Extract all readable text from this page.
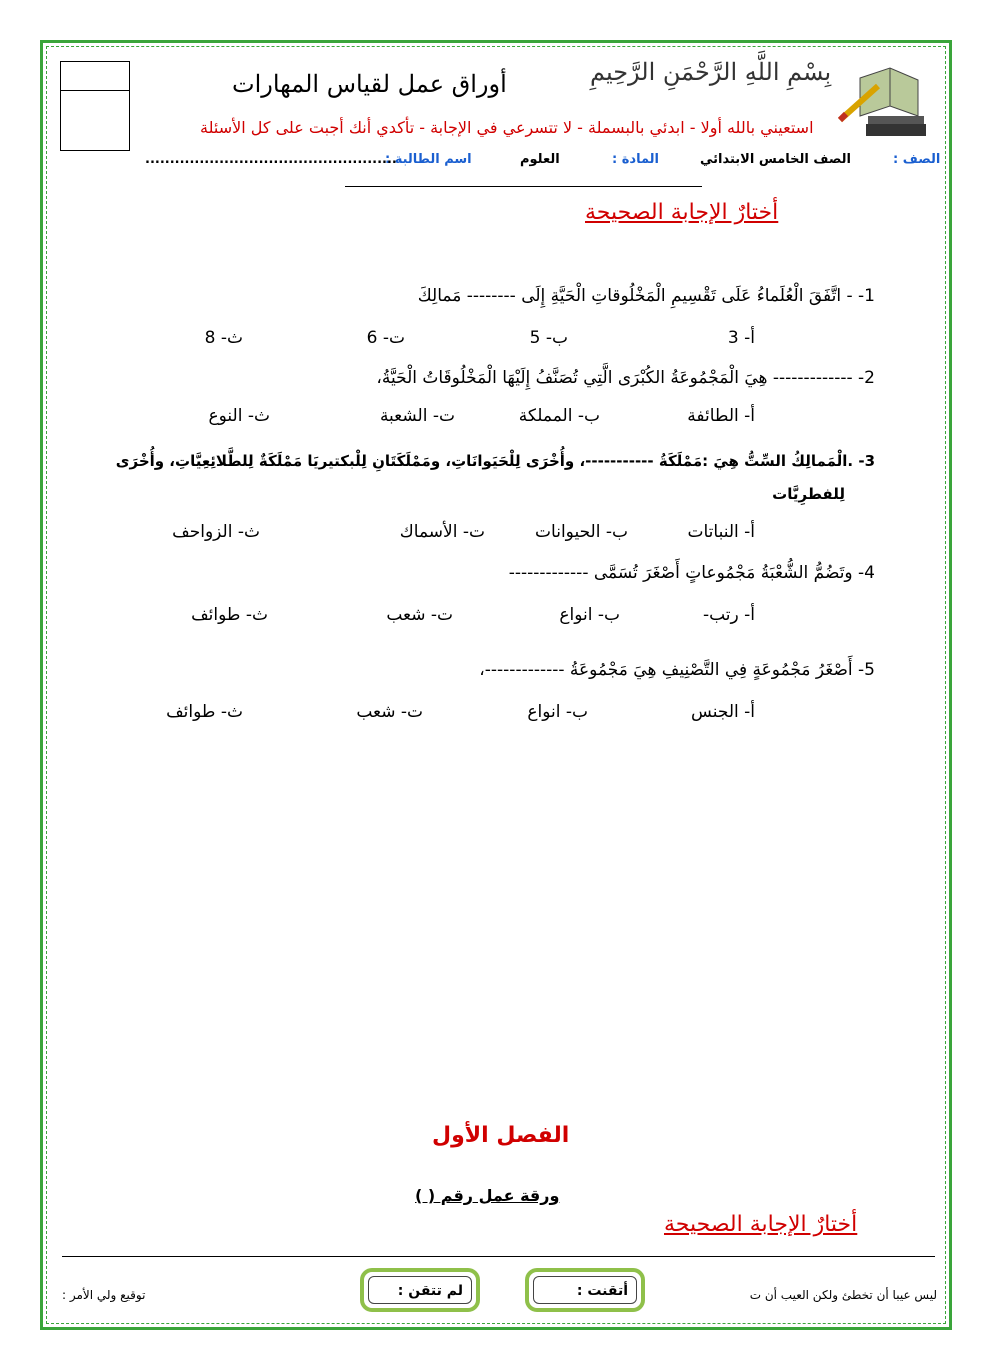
بِسْمِ اللَّهِ الرَّحْمَنِ الرَّحِيمِ
أوراق عمل لقياس المهارات
استعيني بالله أولا - ابدئي بالبسملة - لا تتسرعي في الإجابة - تأكدي أنك أجبت على كل الأسئلة
الصف :
الصف الخامس الابتدائي
المادة :
العلوم
اسم الطالبة :
...................................................
أختارٌ الإجابة الصحيحة
1- - اتَّفَقَ الْعُلَماءُ عَلَى تَقْسِيمِ الْمَخْلُوقاتِ الْحَيَّةِ إِلَى -------- مَمالِكَ
أ- 3
ب- 5
ت- 6
ث- 8
2- ------------- هِيَ الْمَجْمُوعَةُ الكُبْرَى الَّتِي تُصَنَّفُ إِلَيْهَا الْمَخْلُوقَاتُ الْحَيَّةُ،
أ- الطائفة
ب- المملكة
ت- الشعبة
ث- النوع
3- .الْمَمالِكُ السِّتُّ هِيَ :مَمْلَكَةُ -----------، وأُخْرَى لِلْحَيَوانَاتِ، ومَمْلَكَتَانِ لِلْبكتيريَا مَمْلَكَةٌ لِلطَّلائِعِيَّاتِ، وأُخْرَى
لِلفطرِيَّات
أ- النباتات
ب- الحيوانات
ت- الأسماك
ث- الزواحف
4- وتَضُمُّ الشُّعْبَةُ مَجْمُوعاتٍ أَصْغَرَ تُسَمَّى -------------
أ- رتب-
ب- انواع
ت- شعب
ث- طوائف
5- أَصْغَرُ مَجْمُوعَةٍ فِي التَّصْنِيفِ هِيَ مَجْمُوعَةُ -------------،
أ- الجنس
ب- انواع
ت- شعب
ث- طوائف
الفصل الأول
ورقة عمل رقم ( )
أختارٌ الإجابة الصحيحة
ليس عيبا أن تخطئ ولكن العيب أن ت
توقيع ولي الأمر :	أتقنت :
لم تتقن :
